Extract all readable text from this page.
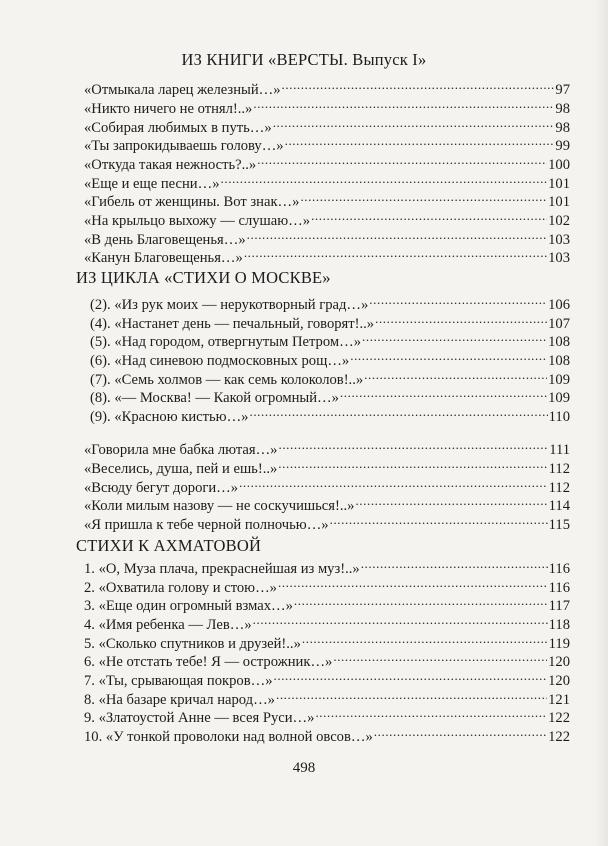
ИЗ КНИГИ «ВЕРСТЫ. Выпуск I»
«Отмыкала ларец железный…» .....	97
«Никто ничего не отнял!..» .....	98
«Собирая любимых в путь…» .....	98
«Ты запрокидываешь голову…» .....	99
«Откуда такая нежность?..» .....	100
«Еще и еще песни…» .....	101
«Гибель от женщины. Вот знак…» .....	101
«На крыльцо выхожу — слушаю…» .....	102
«В день Благовещенья…» .....	103
«Канун Благовещенья…» .....	103
ИЗ ЦИКЛА «СТИХИ О МОСКВЕ»
(2). «Из рук моих — нерукотворный град…» .....	106
(4). «Настанет день — печальный, говорят!..» .....	107
(5). «Над городом, отвергнутым Петром…» .....	108
(6). «Над синевою подмосковных рощ…» .....	108
(7). «Семь холмов — как семь колоколов!..» .....	109
(8). «— Москва! — Какой огромный…» .....	109
(9). «Красною кистью…» .....	110
«Говорила мне бабка лютая…» .....	111
«Веселись, душа, пей и ешь!..» .....	112
«Всюду бегут дороги…» .....	112
«Коли милым назову — не соскучишься!..» .....	114
«Я пришла к тебе черной полночью…» .....	115
СТИХИ К АХМАТОВОЙ
1. «О, Муза плача, прекраснейшая из муз!..» .....	116
2. «Охватила голову и стою…» .....	116
3. «Еще один огромный взмах…» .....	117
4. «Имя ребенка — Лев…» .....	118
5. «Сколько спутников и друзей!..» .....	119
6. «Не отстать тебе! Я — острожник…» .....	120
7. «Ты, срывающая покров…» .....	120
8. «На базаре кричал народ…» .....	121
9. «Златоустой Анне — всея Руси…» .....	122
10. «У тонкой проволоки над волной овсов…» .....	122
498
